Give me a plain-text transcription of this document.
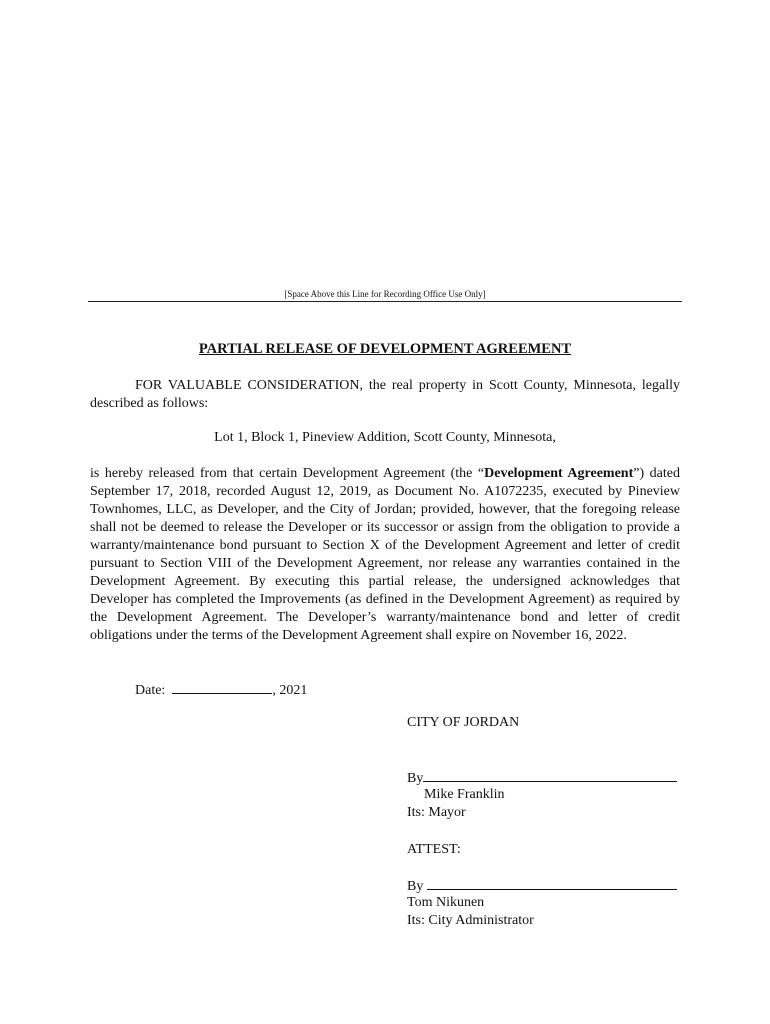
[Space Above this Line for Recording Office Use Only]
PARTIAL RELEASE OF DEVELOPMENT AGREEMENT
FOR VALUABLE CONSIDERATION, the real property in Scott County, Minnesota, legally described as follows:
Lot 1, Block 1, Pineview Addition, Scott County, Minnesota,
is hereby released from that certain Development Agreement (the “Development Agreement”) dated September 17, 2018, recorded August 12, 2019, as Document No. A1072235, executed by Pineview Townhomes, LLC, as Developer, and the City of Jordan; provided, however, that the foregoing release shall not be deemed to release the Developer or its successor or assign from the obligation to provide a warranty/maintenance bond pursuant to Section X of the Development Agreement and letter of credit pursuant to Section VIII of the Development Agreement, nor release any warranties contained in the Development Agreement. By executing this partial release, the undersigned acknowledges that Developer has completed the Improvements (as defined in the Development Agreement) as required by the Development Agreement. The Developer’s warranty/maintenance bond and letter of credit obligations under the terms of the Development Agreement shall expire on November 16, 2022.
Date:	, 2021
CITY OF JORDAN
By
Mike Franklin
Its: Mayor
ATTEST:
By
Tom Nikunen
Its: City Administrator
